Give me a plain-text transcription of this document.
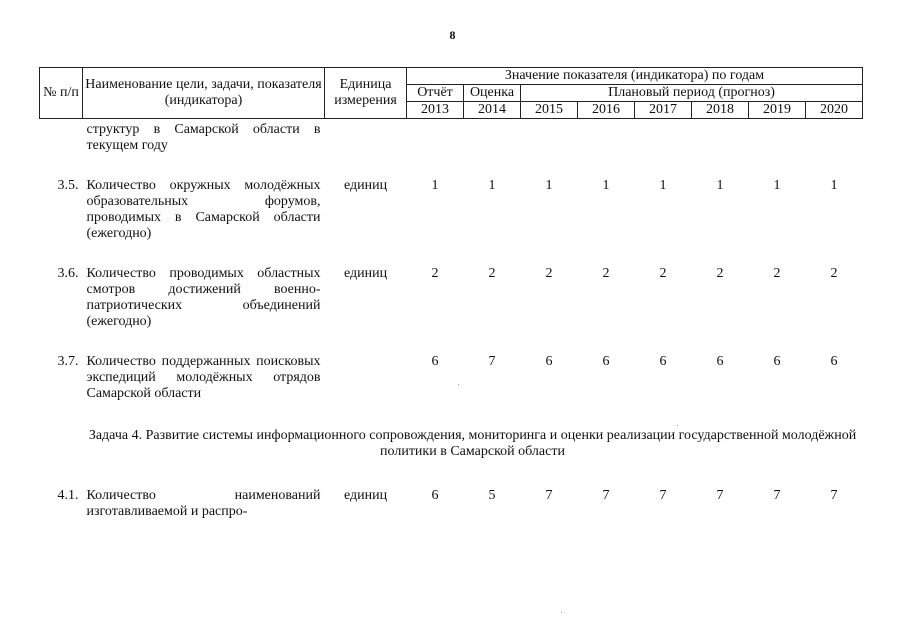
8
№ п/п	Наименование цели, задачи, показателя (индикатора)	Единица измерения	Значение показателя (индикатора) по годам							
			Отчёт	Оценка	Плановый период (прогноз)					
			2013	2014	2015	2016	2017	2018	2019	2020
	структур в Самарской области в текущем году									

3.5.	Количество окружных молодёжных образовательных форумов, проводимых в Самарской области (ежегодно)	единиц	1	1	1	1	1	1	1	1

3.6.	Количество проводимых областных смотров достижений военно-патриотических объединений (ежегодно)	единиц	2	2	2	2	2	2	2	2

3.7.	Количество поддержанных поисковых экспедиций молодёжных отрядов Самарской области		6	7	6	6	6	6	6	6

	Задача 4. Развитие системы информационного сопровождения, мониторинга и оценки реализации государственной молодёжной политики в Самарской области									

4.1.	Количество наименований изготавливаемой и распро-	единиц	6	5	7	7	7	7	7	7
